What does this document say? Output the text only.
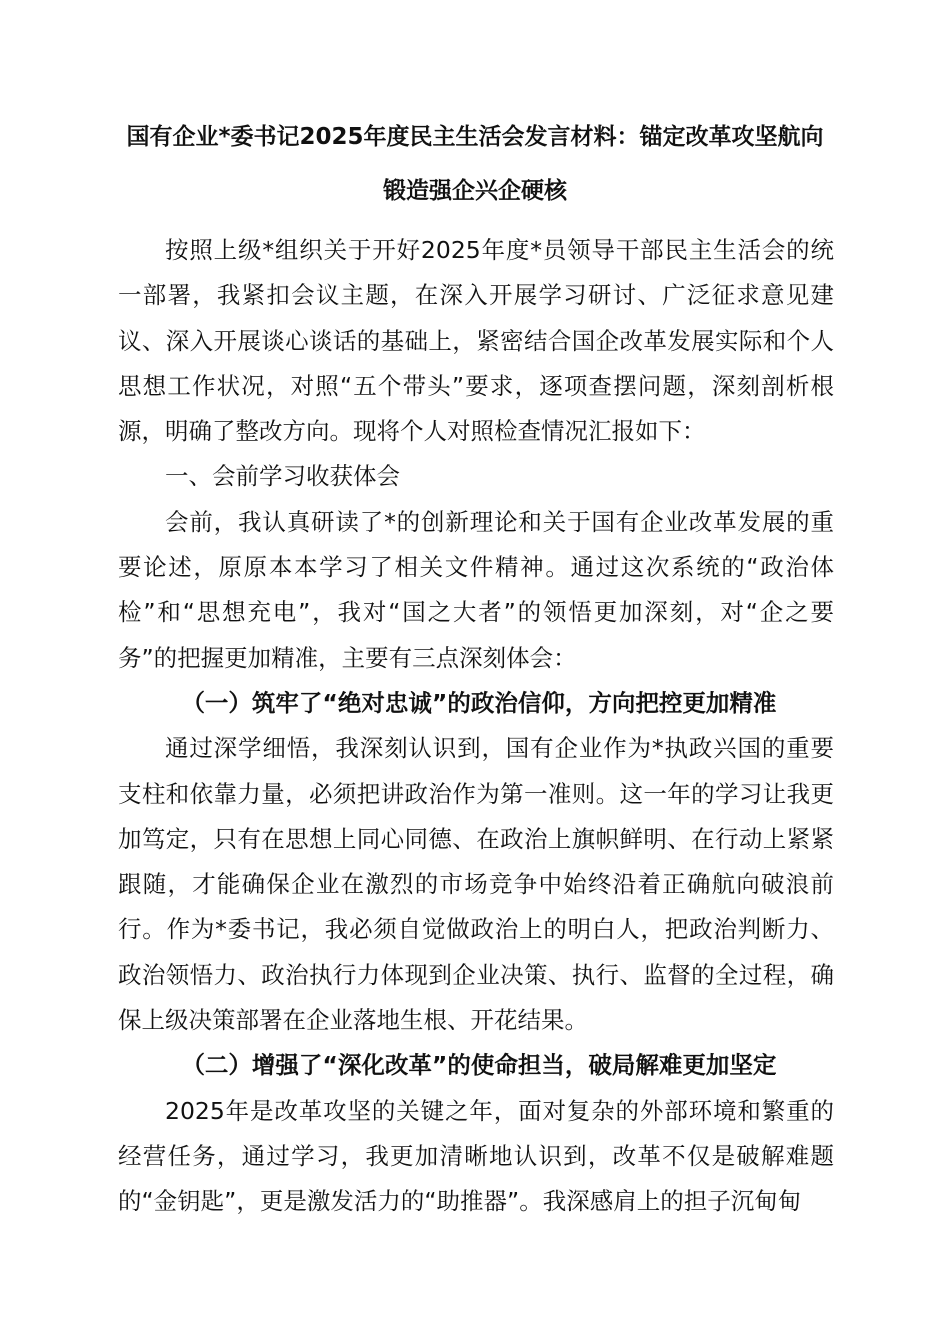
国有企业*委书记2025年度民主生活会发言材料：锚定改革攻坚航向 锻造强企兴企硬核

按照上级*组织关于开好2025年度*员领导干部民主生活会的统一部署，我紧扣会议主题，在深入开展学习研讨、广泛征求意见建议、深入开展谈心谈话的基础上，紧密结合国企改革发展实际和个人思想工作状况，对照“五个带头”要求，逐项查摆问题，深刻剖析根源，明确了整改方向。现将个人对照检查情况汇报如下：

一、会前学习收获体会

会前，我认真研读了*的创新理论和关于国有企业改革发展的重要论述，原原本本学习了相关文件精神。通过这次系统的“政治体检”和“思想充电”，我对“国之大者”的领悟更加深刻，对“企之要务”的把握更加精准，主要有三点深刻体会：

（一）筑牢了“绝对忠诚”的政治信仰，方向把控更加精准

通过深学细悟，我深刻认识到，国有企业作为*执政兴国的重要支柱和依靠力量，必须把讲政治作为第一准则。这一年的学习让我更加笃定，只有在思想上同心同德、在政治上旗帜鲜明、在行动上紧紧跟随，才能确保企业在激烈的市场竞争中始终沿着正确航向破浪前行。作为*委书记，我必须自觉做政治上的明白人，把政治判断力、政治领悟力、政治执行力体现到企业决策、执行、监督的全过程，确保上级决策部署在企业落地生根、开花结果。

（二）增强了“深化改革”的使命担当，破局解难更加坚定

2025年是改革攻坚的关键之年，面对复杂的外部环境和繁重的经营任务，通过学习，我更加清晰地认识到，改革不仅是破解难题的“金钥匙”，更是激发活力的“助推器”。我深感肩上的担子沉甸甸
